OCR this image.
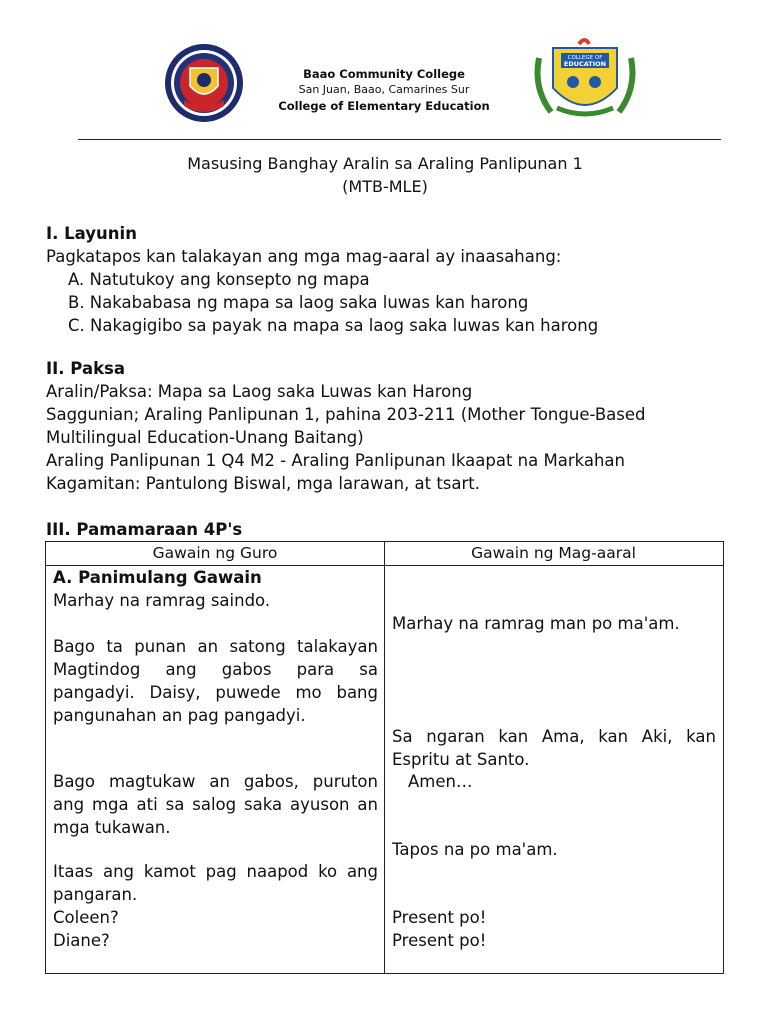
Baao Community College
San Juan, Baao, Camarines Sur
College of Elementary Education
COLLEGE OF
EDUCATION
Masusing Banghay Aralin sa Araling Panlipunan 1
(MTB-MLE)
I. Layunin
Pagkatapos kan talakayan ang mga mag-aaral ay inaasahang:
A. Natutukoy ang konsepto ng mapa
B. Nakababasa ng mapa sa laog saka luwas kan harong
C. Nakagigibo sa payak na mapa sa laog saka luwas kan harong
II. Paksa
Aralin/Paksa: Mapa sa Laog saka Luwas kan Harong
Saggunian; Araling Panlipunan 1, pahina 203-211 (Mother Tongue-Based
Multilingual Education-Unang Baitang)
Araling Panlipunan 1 Q4 M2 - Araling Panlipunan Ikaapat na Markahan
Kagamitan: Pantulong Biswal, mga larawan, at tsart.
III. Pamamaraan 4P's
Gawain ng Guro	Gawain ng Mag-aaral
A. Panimulang Gawain
Marhay na ramrag saindo.
Bago ta punan an satong talakayan Magtindog ang gabos para sa pangadyi. Daisy, puwede mo bang pangunahan an pag pangadyi.
Bago magtukaw an gabos, puruton ang mga ati sa salog saka ayuson an mga tukawan.
Itaas ang kamot pag naapod ko ang pangaran.
Coleen?
Diane?
Marhay na ramrag man po ma'am.
Sa ngaran kan Ama, kan Aki, kan Espritu at Santo.
Amen…
Tapos na po ma'am.
Present po!
Present po!
